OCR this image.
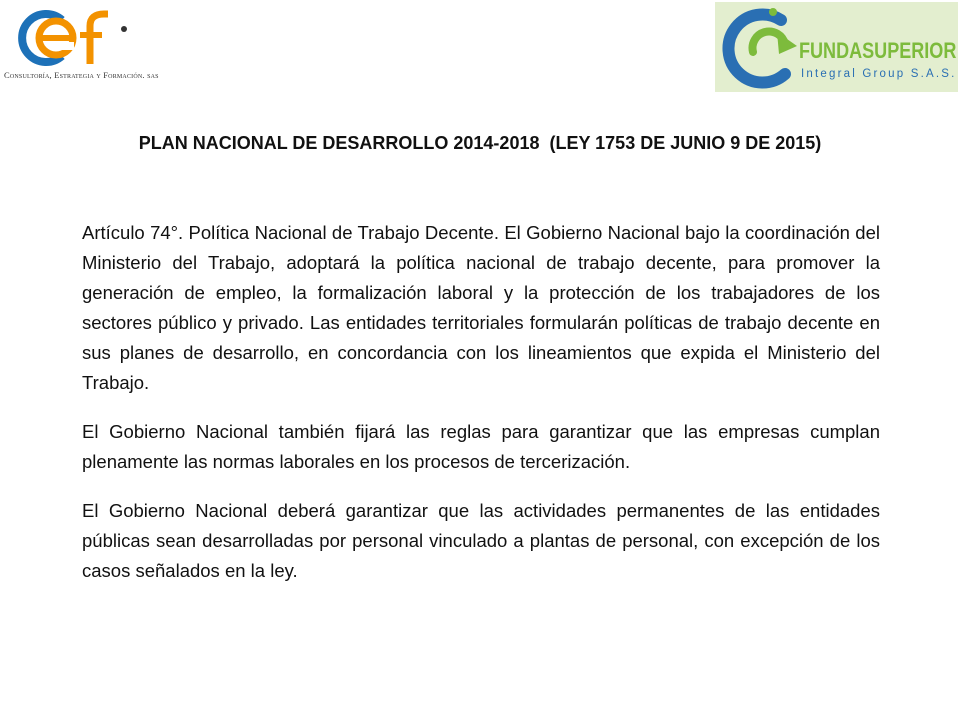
Consultoría, Estrategia y Formación. sas
FUNDASUPERIOR
Integral Group S.A.S.
PLAN NACIONAL DE DESARROLLO 2014-2018 (LEY 1753 DE JUNIO 9 DE 2015)

Artículo 74°. Política Nacional de Trabajo Decente. El Gobierno Nacional bajo la coordinación del Ministerio del Trabajo, adoptará la política nacional de trabajo decente, para promover la generación de empleo, la formalización laboral y la protección de los trabajadores de los sectores público y privado. Las entidades territoriales formularán políticas de trabajo decente en sus planes de desarrollo, en concordancia con los lineamientos que expida el Ministerio del Trabajo.

El Gobierno Nacional también fijará las reglas para garantizar que las empresas cumplan plenamente las normas laborales en los procesos de tercerización.

El Gobierno Nacional deberá garantizar que las actividades permanentes de las entidades públicas sean desarrolladas por personal vinculado a plantas de personal, con excepción de los casos señalados en la ley.
